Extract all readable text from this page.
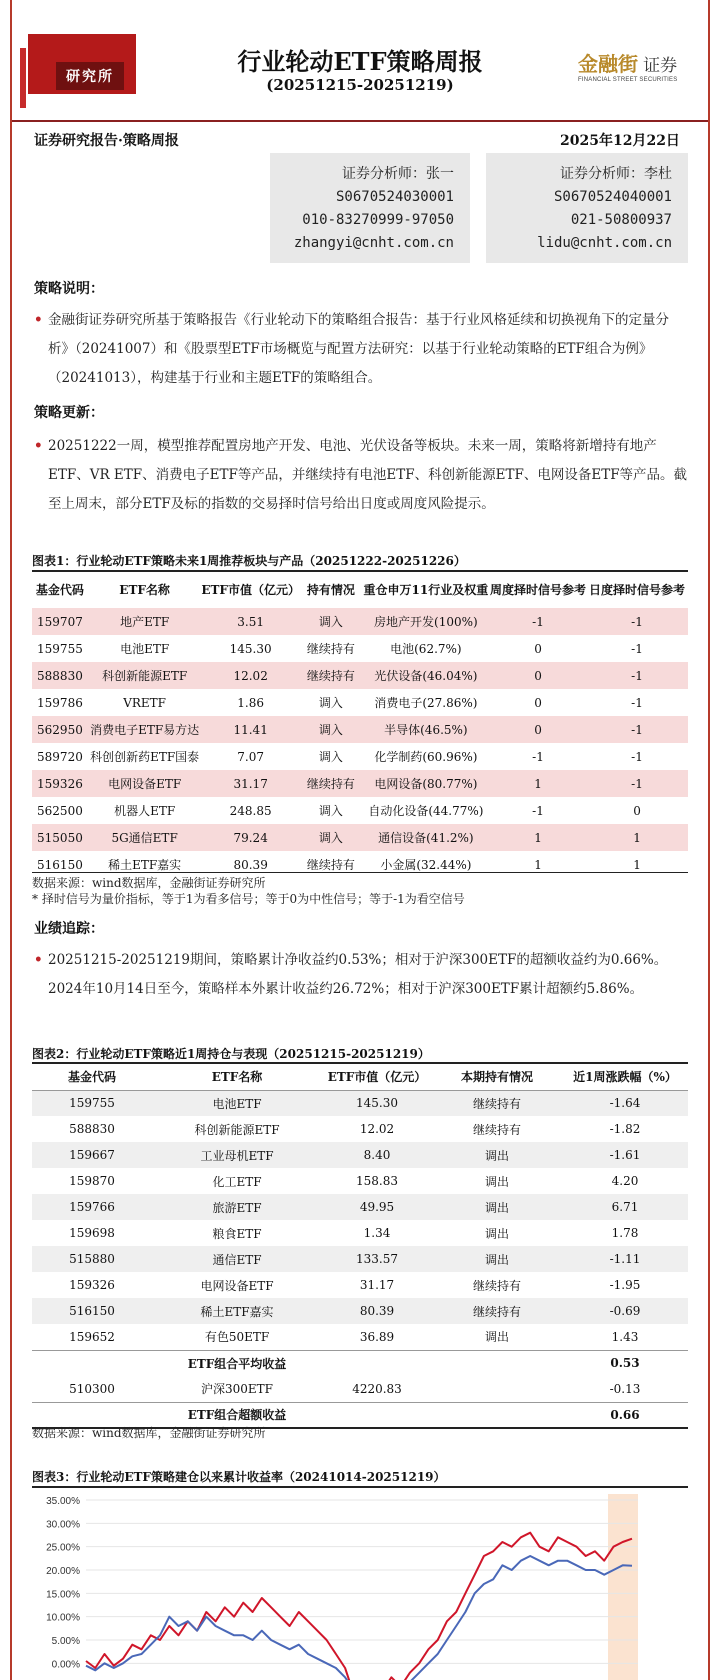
研究所
行业轮动ETF策略周报
(20251215-20251219)
金融街 证券
FINANCIAL STREET SECURITIES
证券研究报告·策略周报	2025年12月22日
证券分析师：张一
S0670524030001
010-83270999-97050
zhangyi@cnht.com.cn
证券分析师：李杜
S0670524040001
021-50800937
lidu@cnht.com.cn
策略说明：
• 金融街证券研究所基于策略报告《行业轮动下的策略组合报告：基于行业风格延续和切换视角下的定量分析》（20241007）和《股票型ETF市场概览与配置方法研究：以基于行业轮动策略的ETF组合为例》（20241013），构建基于行业和主题ETF的策略组合。
策略更新：
• 20251222一周，模型推荐配置房地产开发、电池、光伏设备等板块。未来一周，策略将新增持有地产ETF、VR ETF、消费电子ETF等产品，并继续持有电池ETF、科创新能源ETF、电网设备ETF等产品。截至上周末，部分ETF及标的指数的交易择时信号给出日度或周度风险提示。
图表1：行业轮动ETF策略未来1周推荐板块与产品（20251222-20251226）
基金代码	ETF名称	ETF市值（亿元）	持有情况	重仓申万11行业及权重	周度择时信号参考	日度择时信号参考
159707	地产ETF	3.51	调入	房地产开发(100%)	-1	-1
159755	电池ETF	145.30	继续持有	电池(62.7%)	0	-1
588830	科创新能源ETF	12.02	继续持有	光伏设备(46.04%)	0	-1
159786	VRETF	1.86	调入	消费电子(27.86%)	0	-1
562950	消费电子ETF易方达	11.41	调入	半导体(46.5%)	0	-1
589720	科创创新药ETF国泰	7.07	调入	化学制药(60.96%)	-1	-1
159326	电网设备ETF	31.17	继续持有	电网设备(80.77%)	1	-1
562500	机器人ETF	248.85	调入	自动化设备(44.77%)	-1	0
515050	5G通信ETF	79.24	调入	通信设备(41.2%)	1	1
516150	稀土ETF嘉实	80.39	继续持有	小金属(32.44%)	1	1
数据来源：wind数据库，金融街证券研究所
* 择时信号为量价指标，等于1为看多信号；等于0为中性信号；等于-1为看空信号
业绩追踪：
• 20251215-20251219期间，策略累计净收益约0.53%；相对于沪深300ETF的超额收益约为0.66%。2024年10月14日至今，策略样本外累计收益约26.72%；相对于沪深300ETF累计超额约5.86%。
图表2：行业轮动ETF策略近1周持仓与表现（20251215-20251219）
基金代码	ETF名称	ETF市值（亿元）	本期持有情况	近1周涨跌幅（%）
159755	电池ETF	145.30	继续持有	-1.64
588830	科创新能源ETF	12.02	继续持有	-1.82
159667	工业母机ETF	8.40	调出	-1.61
159870	化工ETF	158.83	调出	4.20
159766	旅游ETF	49.95	调出	6.71
159698	粮食ETF	1.34	调出	1.78
515880	通信ETF	133.57	调出	-1.11
159326	电网设备ETF	31.17	继续持有	-1.95
516150	稀土ETF嘉实	80.39	继续持有	-0.69
159652	有色50ETF	36.89	调出	1.43
	ETF组合平均收益			0.53
510300	沪深300ETF	4220.83		-0.13
	ETF组合超额收益			0.66
数据来源：wind数据库，金融街证券研究所
图表3：行业轮动ETF策略建仓以来累计收益率（20241014-20251219）
35.00%
30.00%
25.00%
20.00%
15.00%
10.00%
5.00%
0.00%
